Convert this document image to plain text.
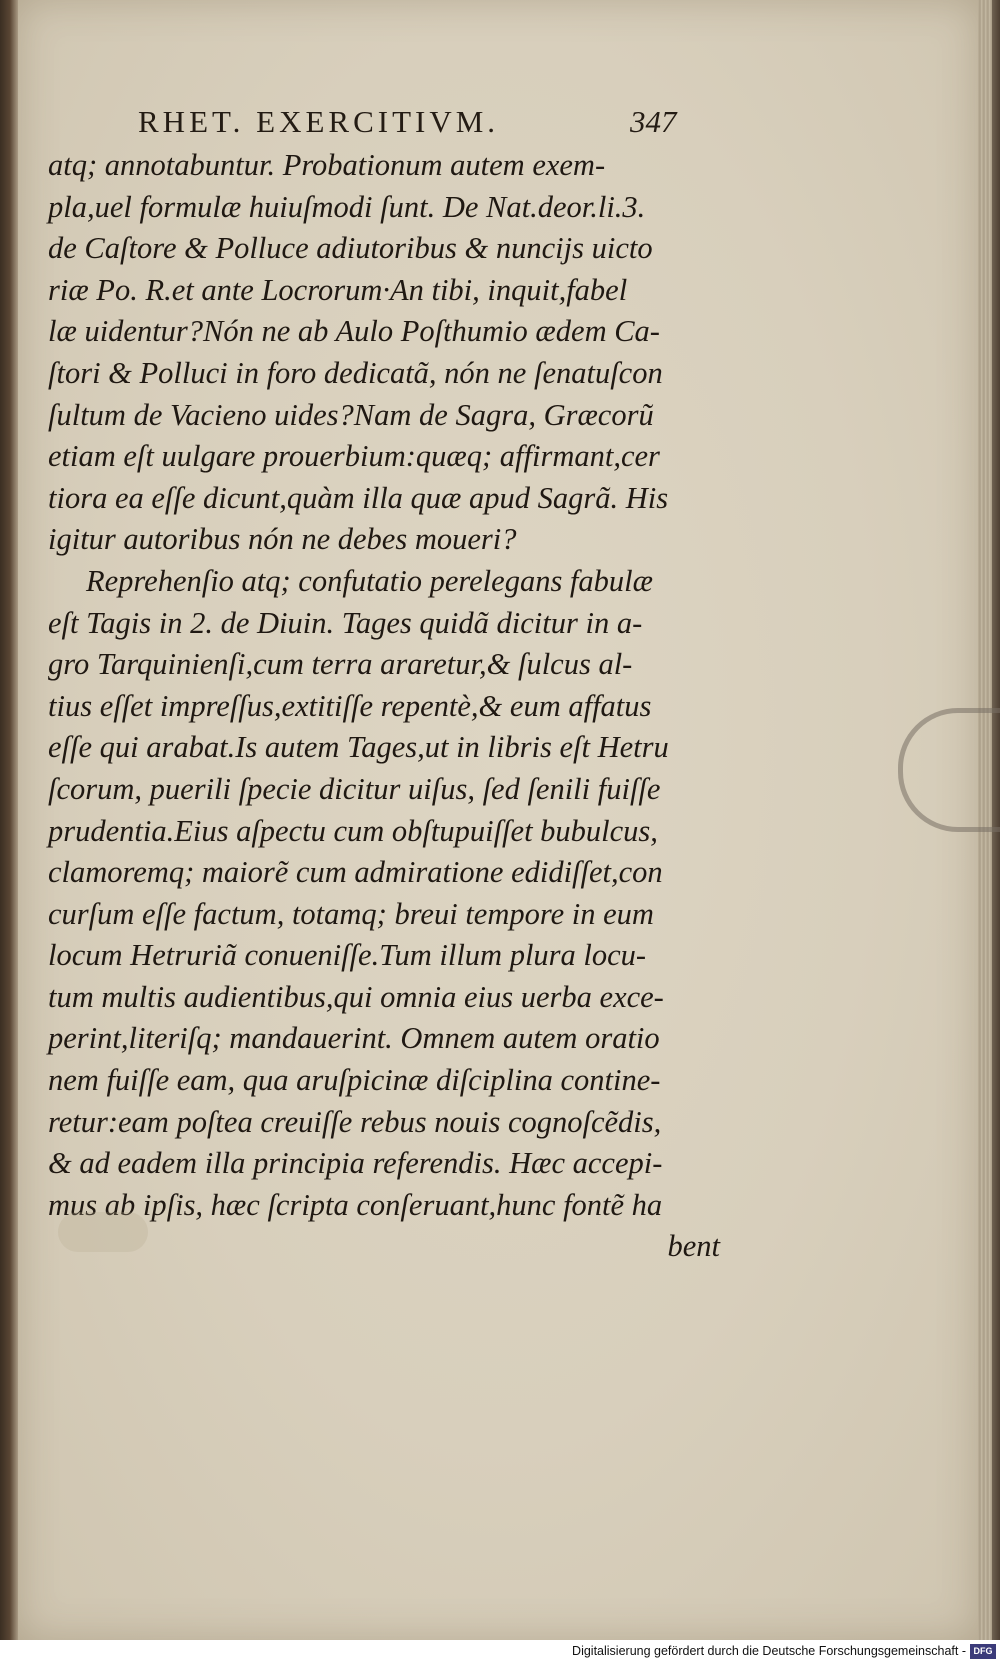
RHET. EXERCITIVM.	347
atq; annotabuntur. Probationum autem exem-
pla,uel formulæ huiuſmodi ſunt. De Nat.deor.li.3.
de Caſtore & Polluce adiutoribus & nuncijs uicto
riæ Po. R.et ante Locrorum·An tibi, inquit,fabel
læ uidentur?Nón ne ab Aulo Poſthumio ædem Ca-
ſtori & Polluci in foro dedicatã, nón ne ſenatuſcon
ſultum de Vacieno uides?Nam de Sagra, Græcorũ
etiam eſt uulgare prouerbium:quæq; affirmant,cer
tiora ea eſſe dicunt,quàm illa quæ apud Sagrã. His
igitur autoribus nón ne debes moueri?
Reprehenſio atq; confutatio perelegans fabulæ
eſt Tagis in 2. de Diuin. Tages quidã dicitur in a-
gro Tarquinienſi,cum terra araretur,& ſulcus al-
tius eſſet impreſſus,extitiſſe repentè,& eum affatus
eſſe qui arabat.Is autem Tages,ut in libris eſt Hetru
ſcorum, puerili ſpecie dicitur uiſus, ſed ſenili fuiſſe
prudentia.Eius aſpectu cum obſtupuiſſet bubulcus,
clamoremq; maiorẽ cum admiratione edidiſſet,con
curſum eſſe factum, totamq; breui tempore in eum
locum Hetruriã conueniſſe.Tum illum plura locu-
tum multis audientibus,qui omnia eius uerba exce-
perint,literiſq; mandauerint. Omnem autem oratio
nem fuiſſe eam, qua aruſpicinæ diſciplina contine-
retur:eam poſtea creuiſſe rebus nouis cognoſcẽdis,
& ad eadem illa principia referendis. Hæc accepi-
mus ab ipſis, hæc ſcripta conſeruant,hunc fontẽ ha
bent
Digitalisierung gefördert durch die Deutsche Forschungsgemeinschaft - DFG
